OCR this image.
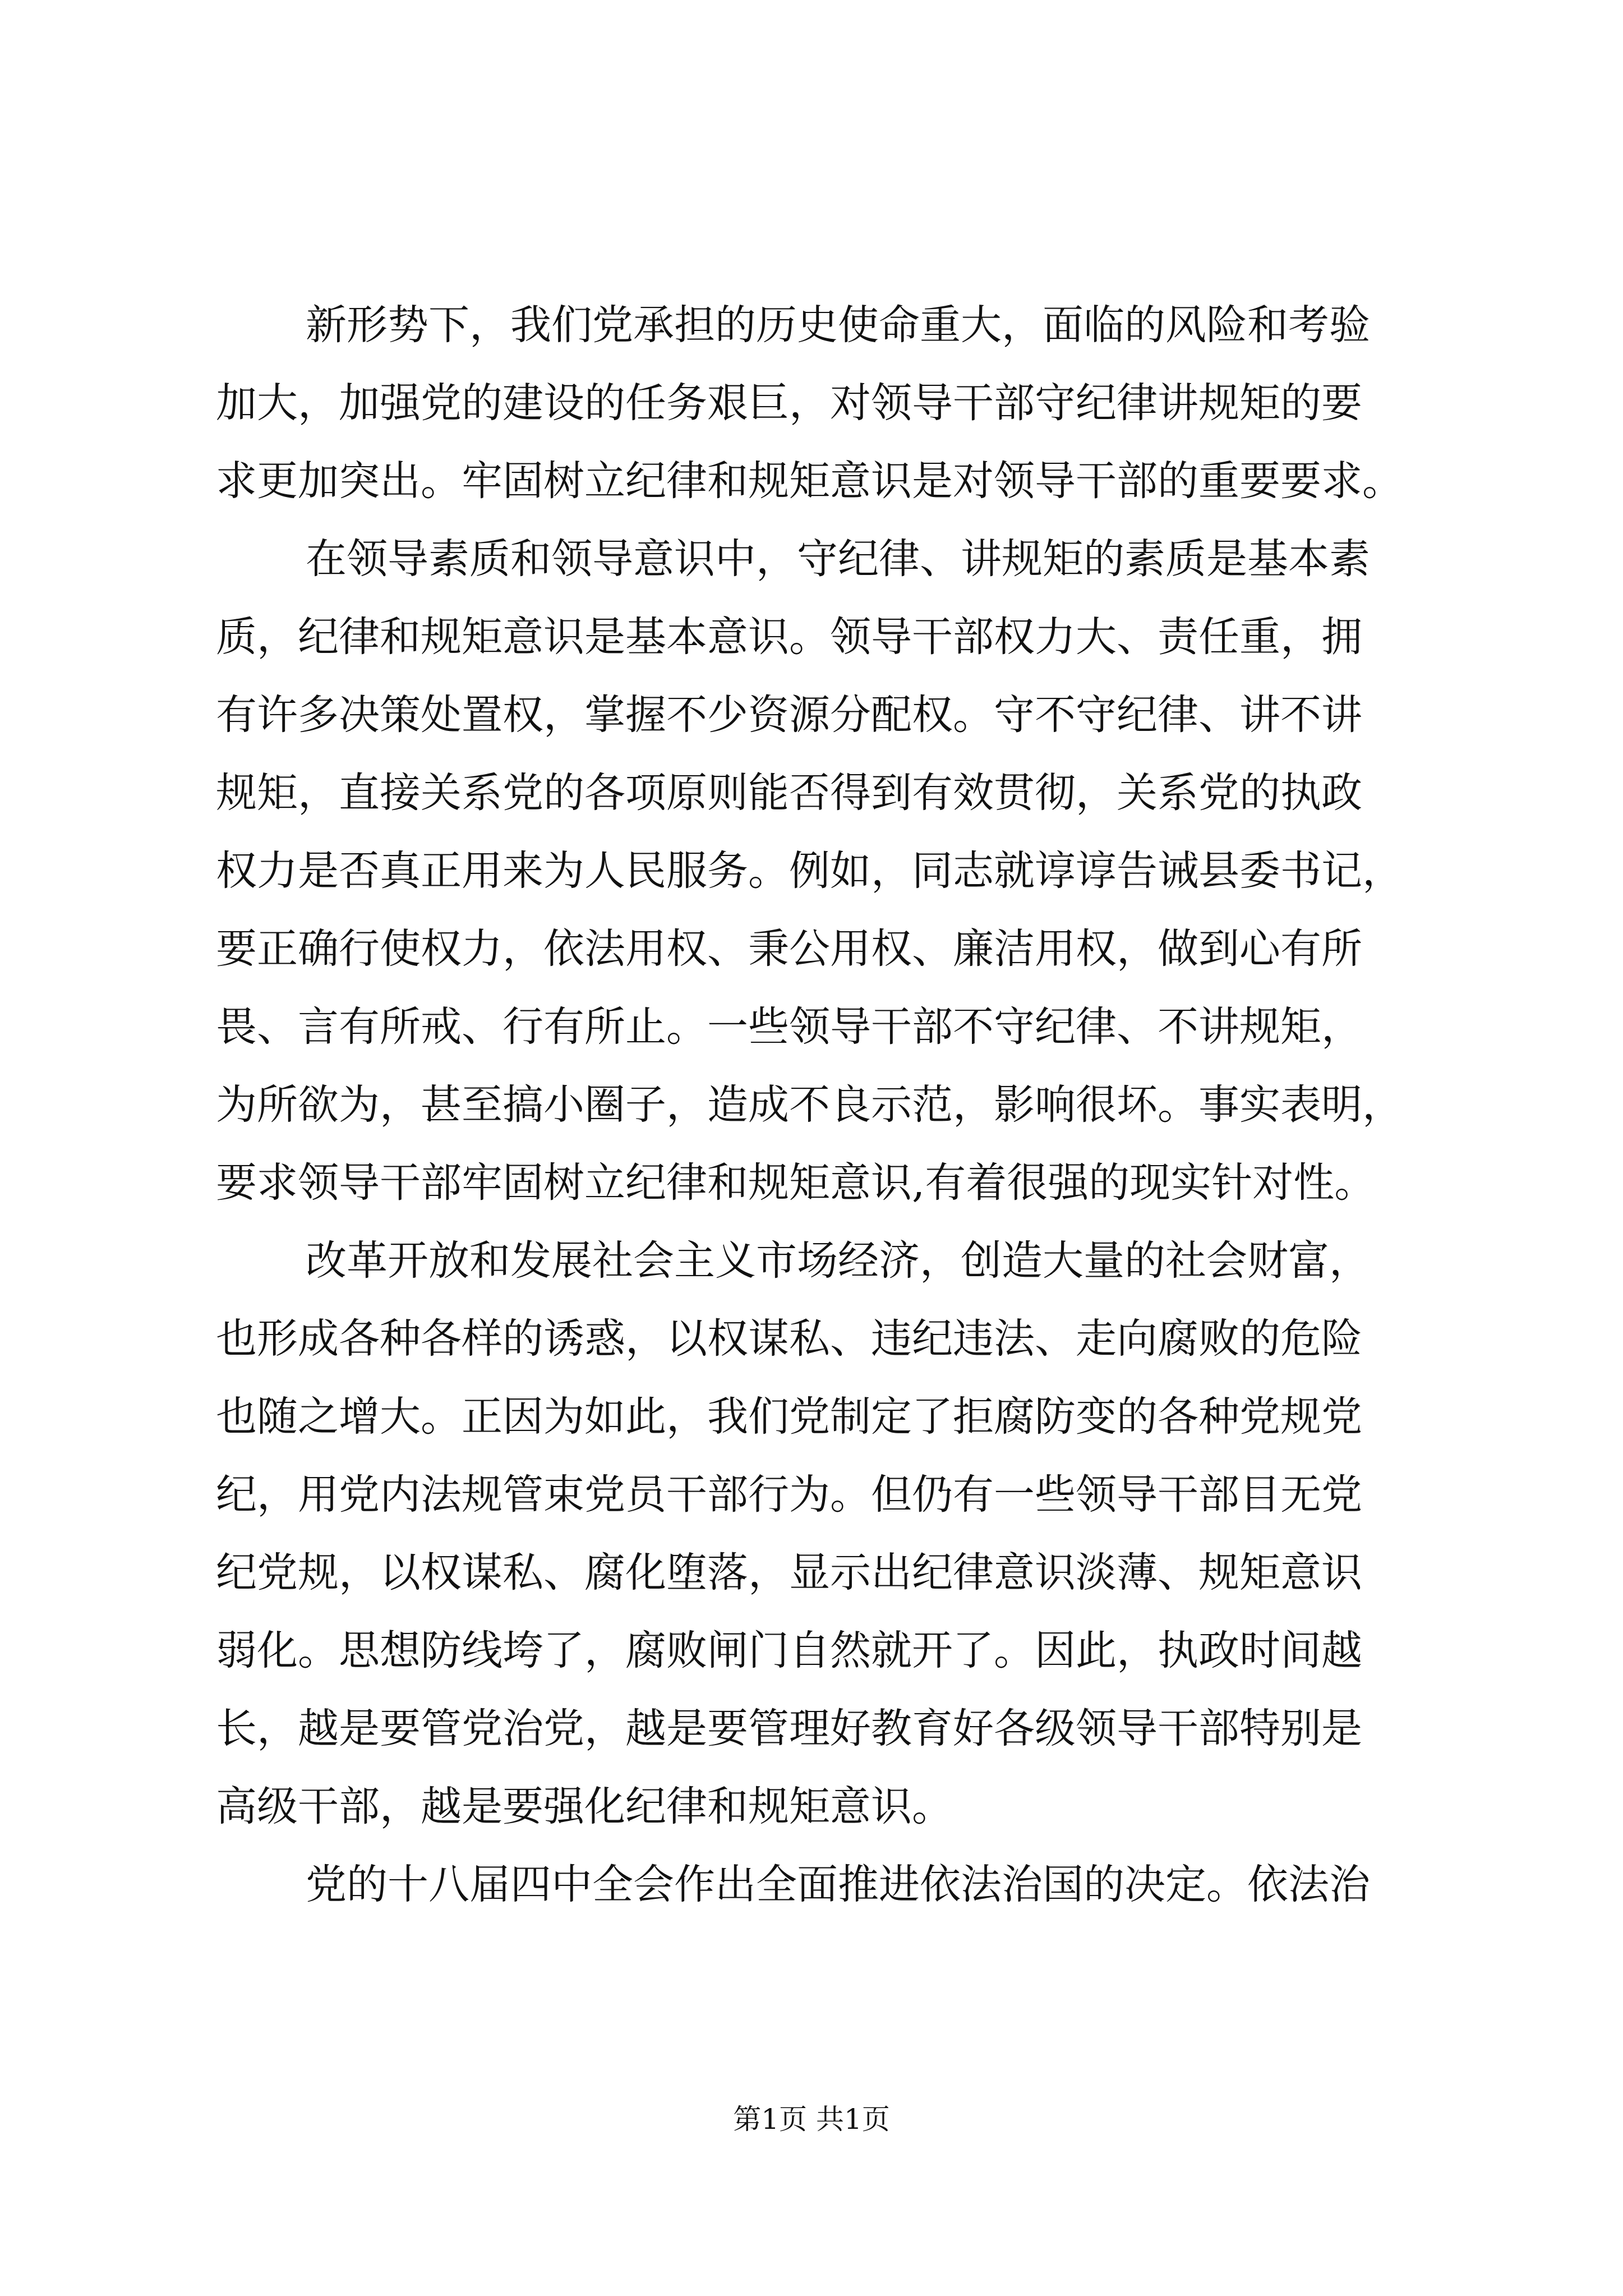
新形势下，我们党承担的历史使命重大，面临的风险和考验
加大，加强党的建设的任务艰巨，对领导干部守纪律讲规矩的要
求更加突出。牢固树立纪律和规矩意识是对领导干部的重要要求。
在领导素质和领导意识中，守纪律、讲规矩的素质是基本素
质，纪律和规矩意识是基本意识。领导干部权力大、责任重，拥
有许多决策处置权，掌握不少资源分配权。守不守纪律、讲不讲
规矩，直接关系党的各项原则能否得到有效贯彻，关系党的执政
权力是否真正用来为人民服务。例如，同志就谆谆告诫县委书记，
要正确行使权力，依法用权、秉公用权、廉洁用权，做到心有所
畏、言有所戒、行有所止。一些领导干部不守纪律、不讲规矩，
为所欲为，甚至搞小圈子，造成不良示范，影响很坏。事实表明，
要求领导干部牢固树立纪律和规矩意识,有着很强的现实针对性。
改革开放和发展社会主义市场经济，创造大量的社会财富，
也形成各种各样的诱惑，以权谋私、违纪违法、走向腐败的危险
也随之增大。正因为如此，我们党制定了拒腐防变的各种党规党
纪，用党内法规管束党员干部行为。但仍有一些领导干部目无党
纪党规，以权谋私、腐化堕落，显示出纪律意识淡薄、规矩意识
弱化。思想防线垮了，腐败闸门自然就开了。因此，执政时间越
长，越是要管党治党，越是要管理好教育好各级领导干部特别是
高级干部，越是要强化纪律和规矩意识。
党的十八届四中全会作出全面推进依法治国的决定。依法治
第1页 共1页
